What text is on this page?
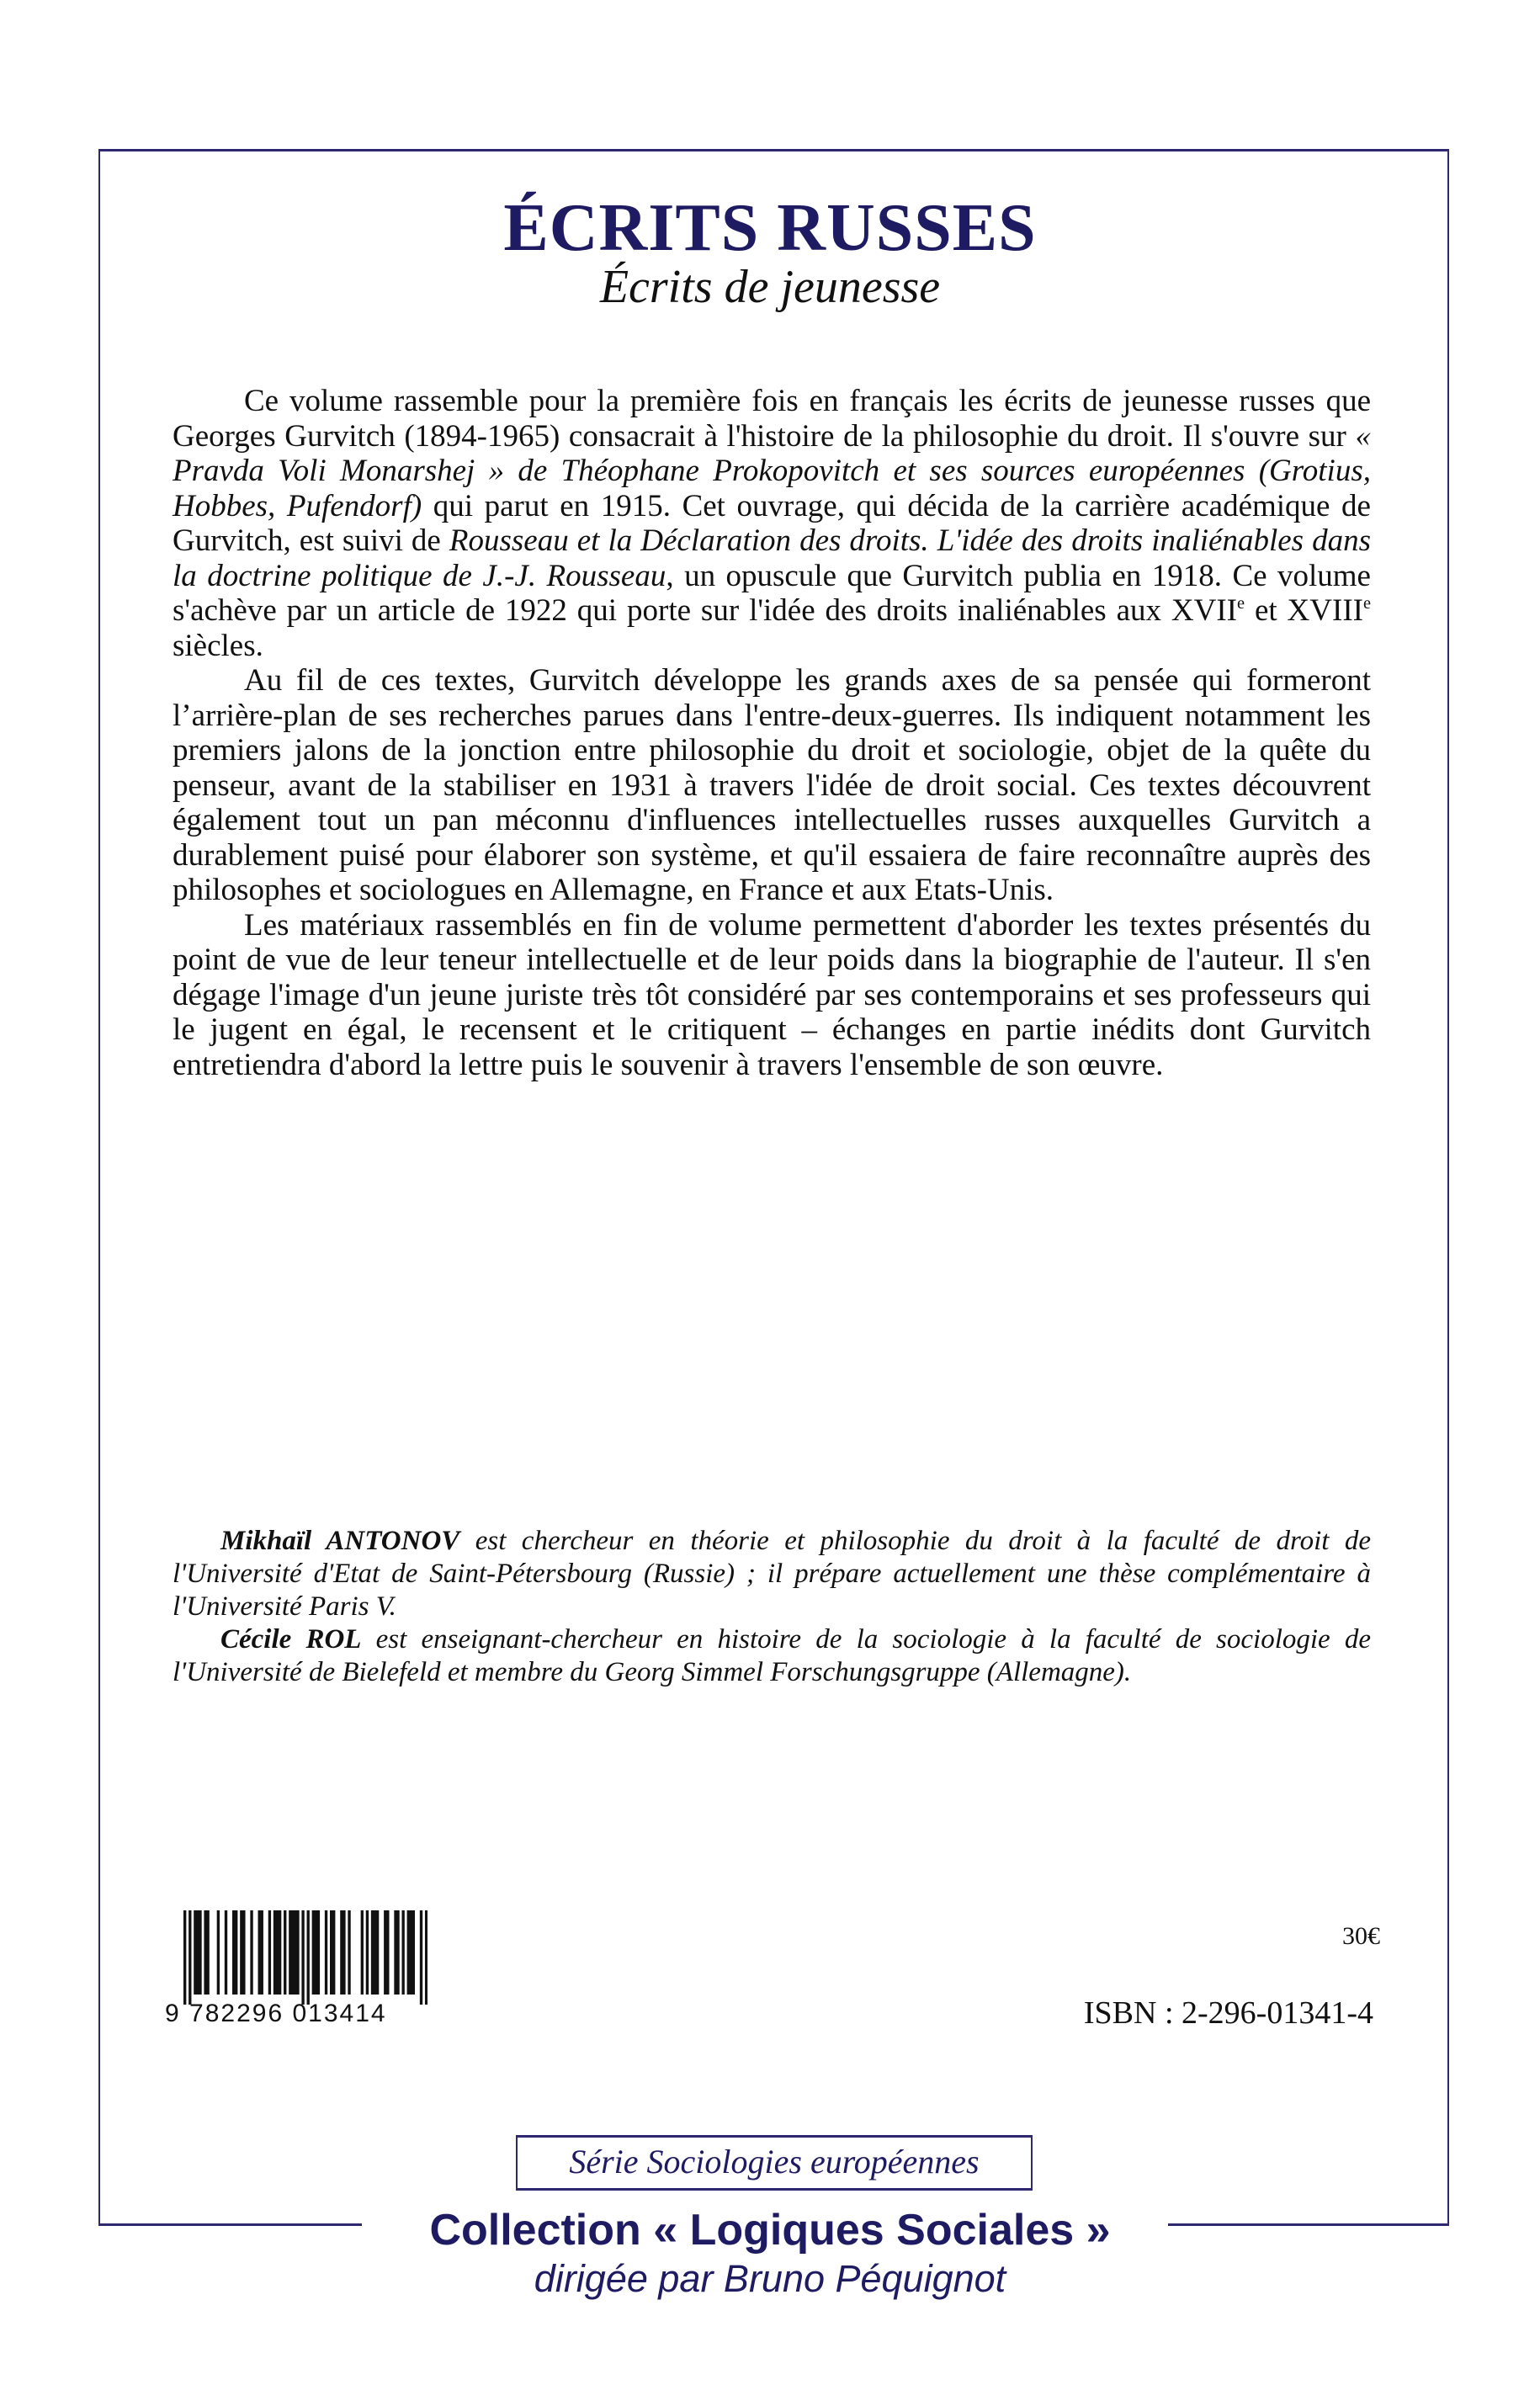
ÉCRITS RUSSES
Écrits de jeunesse

Ce volume rassemble pour la première fois en français les écrits de jeunesse russes que Georges Gurvitch (1894-1965) consacrait à l'histoire de la philosophie du droit. Il s'ouvre sur « Pravda Voli Monarshej » de Théophane Prokopovitch et ses sources européennes (Grotius, Hobbes, Pufendorf) qui parut en 1915. Cet ouvrage, qui décida de la carrière académique de Gurvitch, est suivi de Rousseau et la Déclaration des droits. L'idée des droits inaliénables dans la doctrine politique de J.-J. Rousseau, un opuscule que Gurvitch publia en 1918. Ce volume s'achève par un article de 1922 qui porte sur l'idée des droits inaliénables aux XVIIe et XVIIIe siècles.

Au fil de ces textes, Gurvitch développe les grands axes de sa pensée qui formeront l’arrière-plan de ses recherches parues dans l'entre-deux-guerres. Ils indiquent notamment les premiers jalons de la jonction entre philosophie du droit et sociologie, objet de la quête du penseur, avant de la stabiliser en 1931 à travers l'idée de droit social. Ces textes découvrent également tout un pan méconnu d'influences intellectuelles russes auxquelles Gurvitch a durablement puisé pour élaborer son système, et qu'il essaiera de faire reconnaître auprès des philosophes et sociologues en Allemagne, en France et aux Etats-Unis.

Les matériaux rassemblés en fin de volume permettent d'aborder les textes présentés du point de vue de leur teneur intellectuelle et de leur poids dans la biographie de l'auteur. Il s'en dégage l'image d'un jeune juriste très tôt considéré par ses contemporains et ses professeurs qui le jugent en égal, le recensent et le critiquent – échanges en partie inédits dont Gurvitch entretiendra d'abord la lettre puis le souvenir à travers l'ensemble de son œuvre.

Mikhaïl ANTONOV est chercheur en théorie et philosophie du droit à la faculté de droit de l'Université d'Etat de Saint-Pétersbourg (Russie) ; il prépare actuellement une thèse complémentaire à l'Université Paris V.

Cécile ROL est enseignant-chercheur en histoire de la sociologie à la faculté de sociologie de l'Université de Bielefeld et membre du Georg Simmel Forschungsgruppe (Allemagne).

9 782296 013414
30€
ISBN : 2-296-01341-4
Série Sociologies européennes
Collection « Logiques Sociales »
dirigée par Bruno Péquignot
